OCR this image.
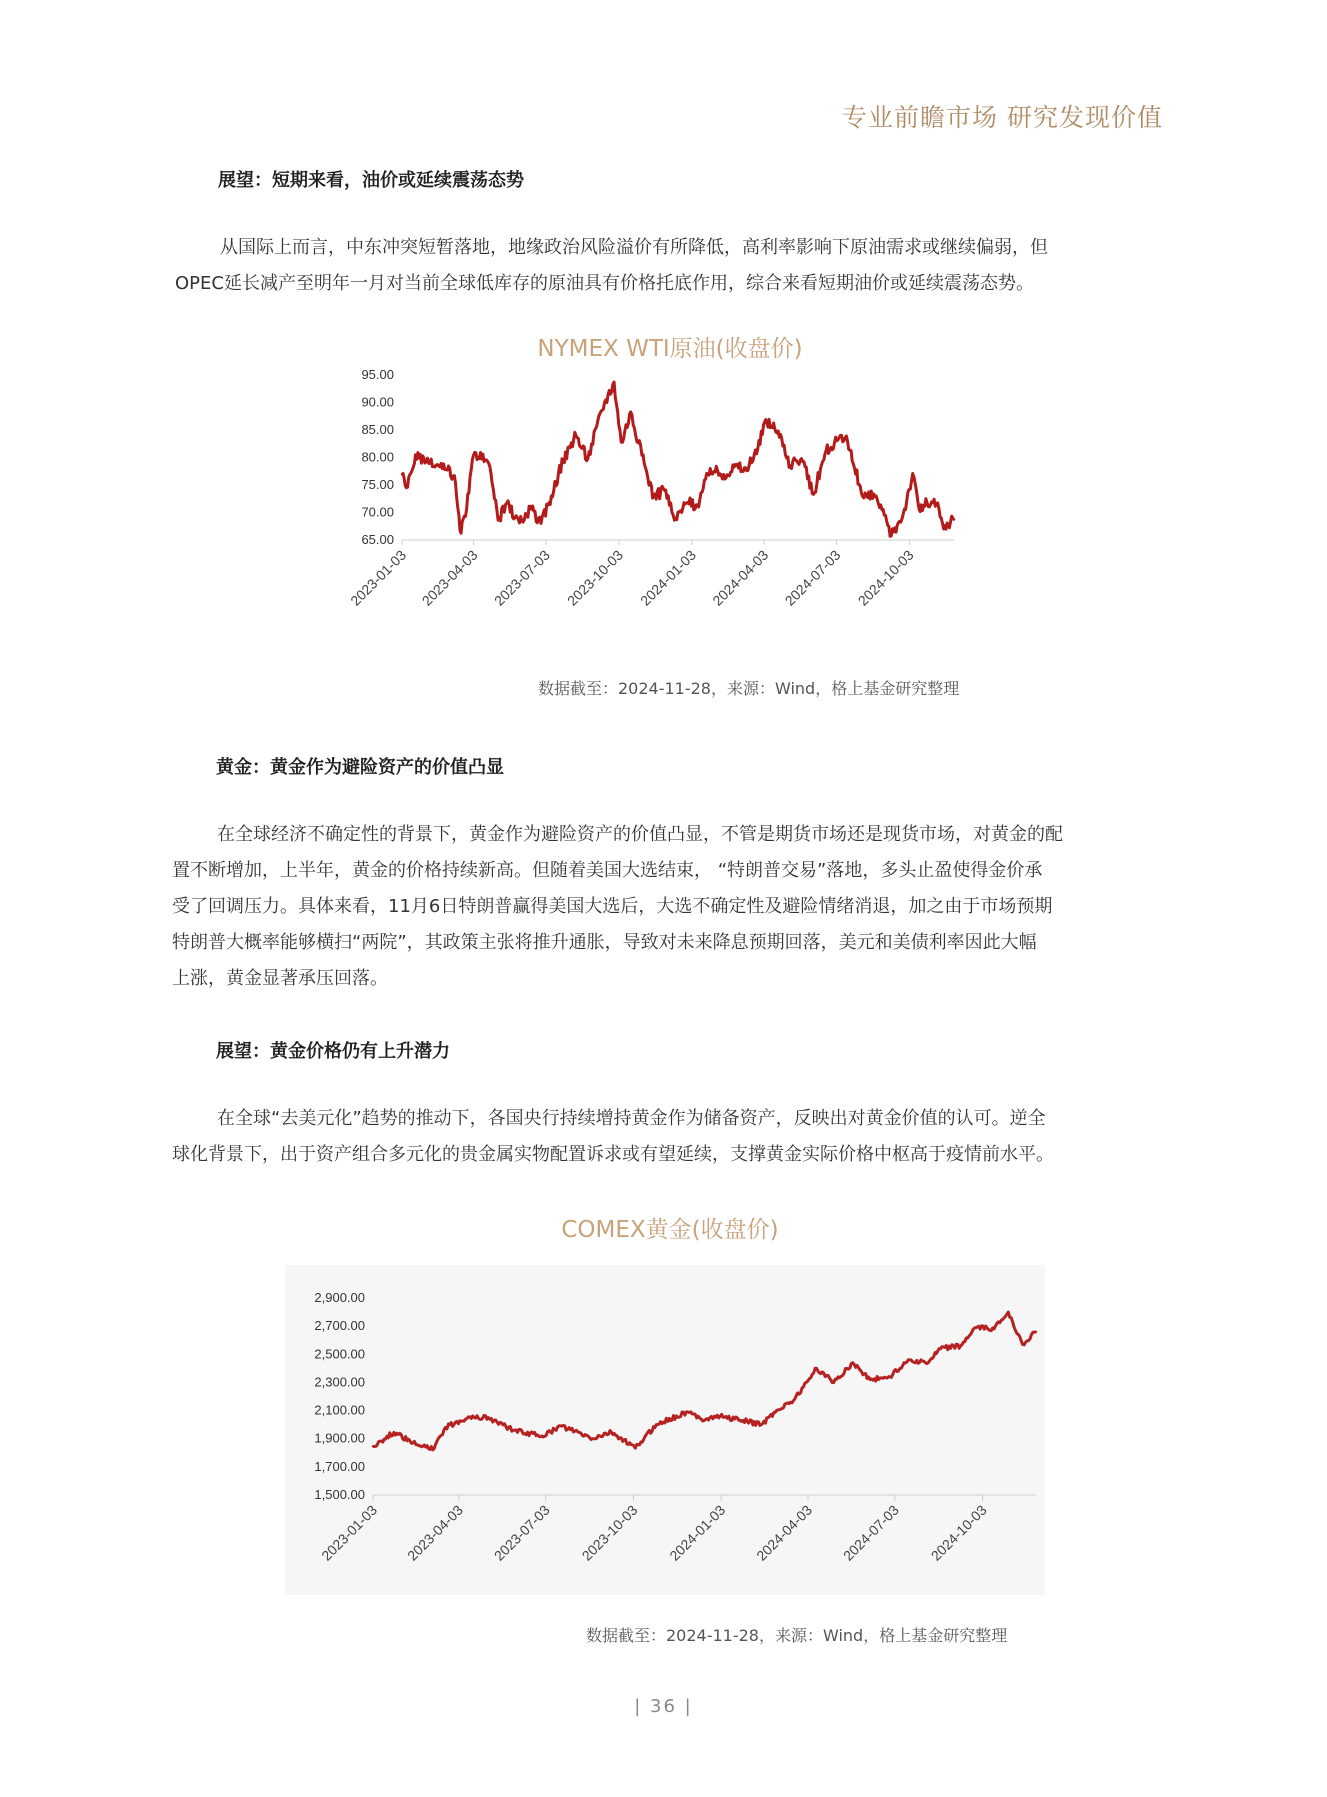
专业前瞻市场 研究发现价值
展望：短期来看，油价或延续震荡态势
从国际上而言，中东冲突短暂落地，地缘政治风险溢价有所降低，高利率影响下原油需求或继续偏弱，但
OPEC延长减产至明年一月对当前全球低库存的原油具有价格托底作用，综合来看短期油价或延续震荡态势。
NYMEX WTI原油(收盘价)
95.00
90.00
85.00
80.00
75.00
70.00
65.00
2023-01-03 2023-04-03 2023-07-03 2023-10-03 2024-01-03 2024-04-03 2024-07-03 2024-10-03
数据截至：2024-11-28，来源：Wind，格上基金研究整理
黄金：黄金作为避险资产的价值凸显
在全球经济不确定性的背景下，黄金作为避险资产的价值凸显，不管是期货市场还是现货市场，对黄金的配
置不断增加，上半年，黄金的价格持续新高。但随着美国大选结束， “特朗普交易”落地，多头止盈使得金价承
受了回调压力。具体来看，11月6日特朗普赢得美国大选后，大选不确定性及避险情绪消退，加之由于市场预期
特朗普大概率能够横扫“两院”，其政策主张将推升通胀，导致对未来降息预期回落，美元和美债利率因此大幅
上涨，黄金显著承压回落。
展望：黄金价格仍有上升潜力
在全球“去美元化”趋势的推动下，各国央行持续增持黄金作为储备资产，反映出对黄金价值的认可。逆全
球化背景下，出于资产组合多元化的贵金属实物配置诉求或有望延续，支撑黄金实际价格中枢高于疫情前水平。
COMEX黄金(收盘价)
2,900.00
2,700.00
2,500.00
2,300.00
2,100.00
1,900.00
1,700.00
1,500.00
2023-01-03 2023-04-03 2023-07-03 2023-10-03 2024-01-03 2024-04-03 2024-07-03 2024-10-03
数据截至：2024-11-28，来源：Wind，格上基金研究整理
| 36 |
